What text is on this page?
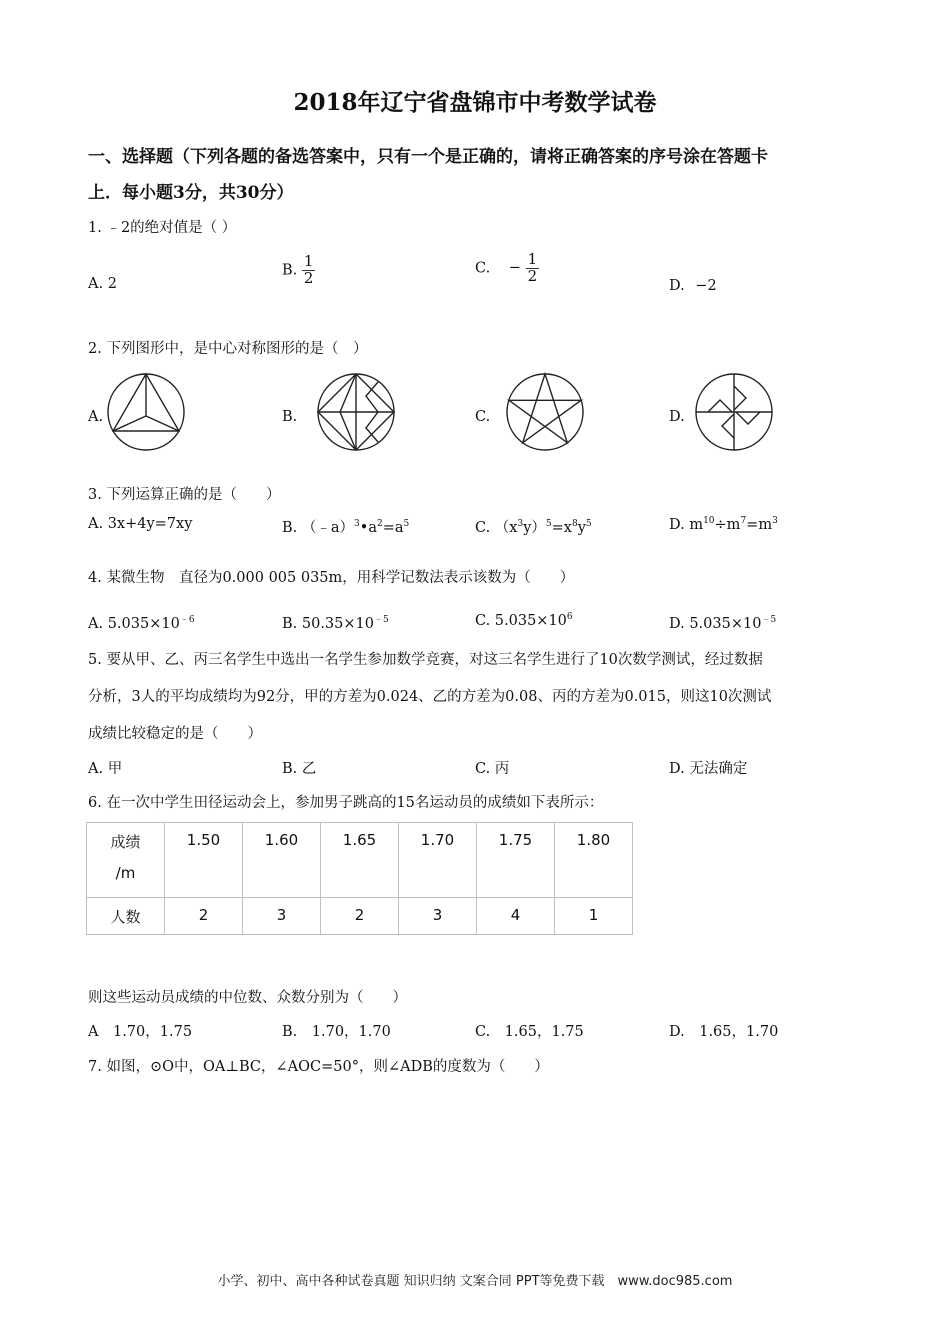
2018年辽宁省盘锦市中考数学试卷
一、选择题（下列各题的备选答案中，只有一个是正确的，请将正确答案的序号涂在答题卡
上．每小题3分，共30分）
1. ﹣2的绝对值是（ ）
A. 2
B. $\frac{1}{2}$	C. − $\frac{1}{2}$
D. −2
2. 下列图形中，是中心对称图形的是（　）
A.	B.	C.	D.
3. 下列运算正确的是（　　）
A. 3x+4y=7xy	B. $(﹣a)^3•a^2=a^5$	C. $(x^3y)^5=x^8y^5$	D. $m^{10}\div m^7=m^3$
4. 某微生物　直径为0.000 005 035m，用科学记数法表示该数为（　　）
A. $5.035\times 10^{﹣6}$	B. $50.35\times 10^{﹣5}$	C. $5.035\times 10^6$	D. $5.035\times 10^{﹣5}$
5. 要从甲、乙、丙三名学生中选出一名学生参加数学竞赛，对这三名学生进行了10次数学测试，经过数据
分析，3人的平均成绩均为92分，甲的方差为0.024、乙的方差为0.08、丙的方差为0.015，则这10次测试
成绩比较稳定的是（　　）
A. 甲	B. 乙	C. 丙	D. 无法确定
6. 在一次中学生田径运动会上，参加男子跳高的15名运动员的成绩如下表所示：
成绩
/m	1.50	1.60	1.65	1.70	1.75	1.80
人数	2	3	2	3	4	1
则这些运动员成绩的中位数、众数分别为（　　）
A　1.70，1.75	B.　1.70，1.70	C.　1.65，1.75	D.　1.65，1.70
7. 如图，⊙O中，OA⊥BC，∠AOC=50°，则∠ADB的度数为（　　）
小学、初中、高中各种试卷真题 知识归纳 文案合同 PPT等免费下载　www.doc985.com
